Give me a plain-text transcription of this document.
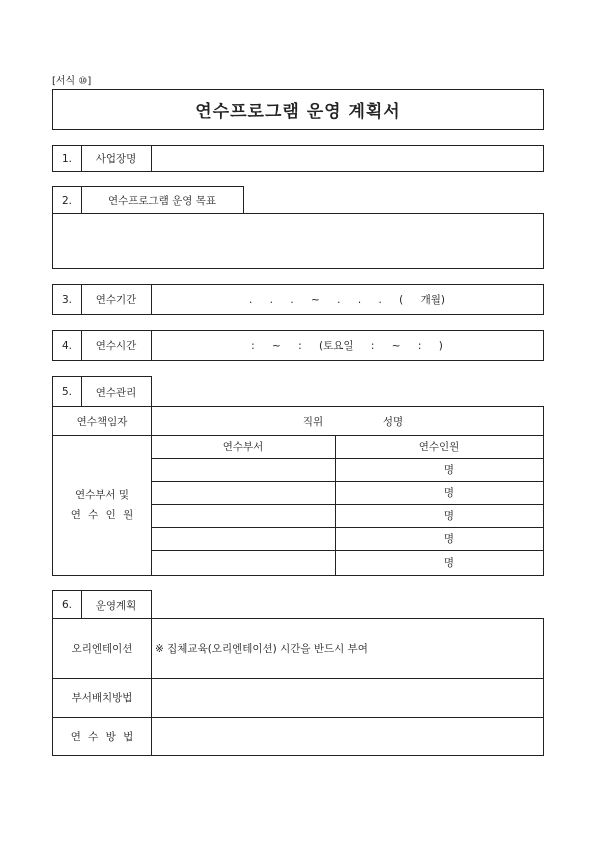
[서식 ⑩]
연수프로그램 운영 계획서
1.	사업장명
2.	연수프로그램 운영 목표
3.	연수기간	. . . ~ . . . ( 개월)
4.	연수시간	: ~ : (토요일 : ~ : )
5.	연수관리
연수책임자	직위	성명
연수부서 및
연 수 인 원
연수부서	연수인원
명
명
명
명
명
6.	운영계획
오리엔테이션	※ 집체교육(오리엔테이션) 시간을 반드시 부여
부서배치방법
연 수 방 법
